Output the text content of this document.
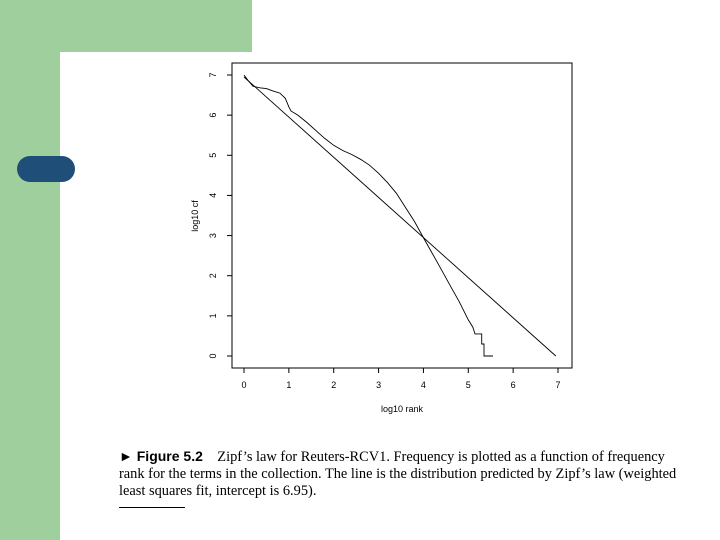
0	1	2	3	4	5	6	7
0
1
2
3
4
5
6
7
log10 rank
log10 cf
► Figure 5.2 Zipf’s law for Reuters-RCV1. Frequency is plotted as a function of frequency rank for the terms in the collection. The line is the distribution predicted by Zipf’s law (weighted least squares fit, intercept is 6.95).
